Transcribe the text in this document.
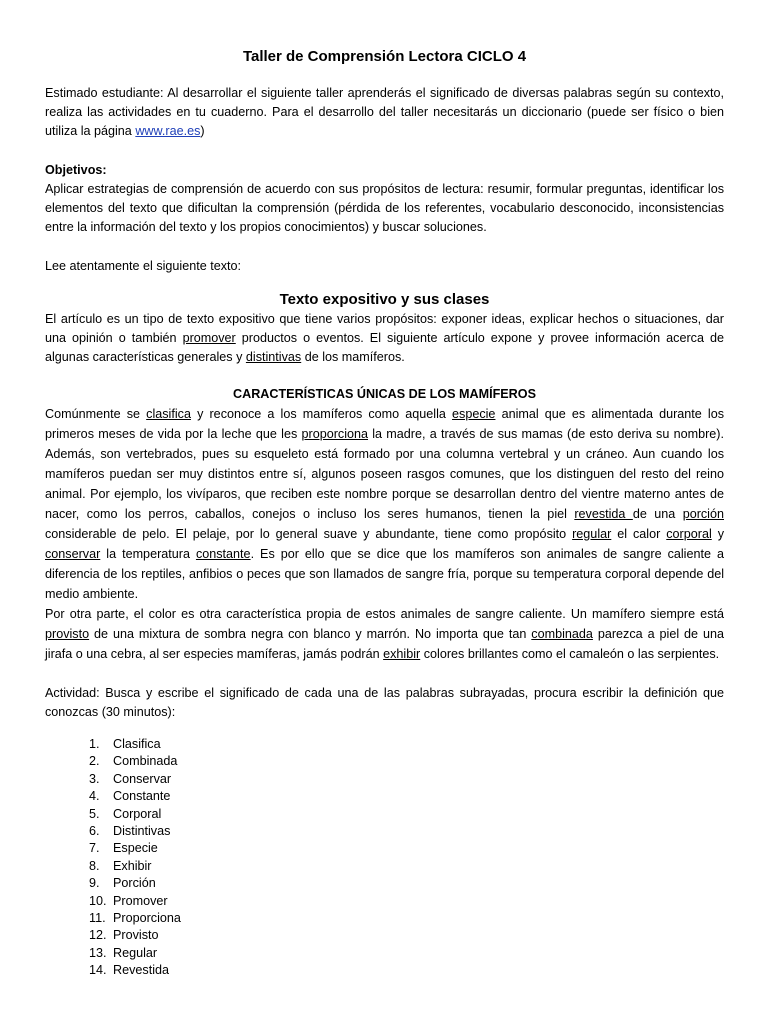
Taller de Comprensión Lectora CICLO 4

Estimado estudiante: Al desarrollar el siguiente taller aprenderás el significado de diversas palabras según su contexto, realiza las actividades en tu cuaderno. Para el desarrollo del taller necesitarás un diccionario (puede ser físico o bien utiliza la página www.rae.es)

Objetivos:

Aplicar estrategias de comprensión de acuerdo con sus propósitos de lectura: resumir, formular preguntas, identificar los elementos del texto que dificultan la comprensión (pérdida de los referentes, vocabulario desconocido, inconsistencias entre la información del texto y los propios conocimientos) y buscar soluciones.

Lee atentamente el siguiente texto:

Texto expositivo y sus clases

El artículo es un tipo de texto expositivo que tiene varios propósitos: exponer ideas, explicar hechos o situaciones, dar una opinión o también promover productos o eventos. El siguiente artículo expone y provee información acerca de algunas características generales y distintivas de los mamíferos.

CARACTERÍSTICAS ÚNICAS DE LOS MAMÍFEROS

Comúnmente se clasifica y reconoce a los mamíferos como aquella especie animal que es alimentada durante los primeros meses de vida por la leche que les proporciona la madre, a través de sus mamas (de esto deriva su nombre). Además, son vertebrados, pues su esqueleto está formado por una columna vertebral y un cráneo. Aun cuando los mamíferos puedan ser muy distintos entre sí, algunos poseen rasgos comunes, que los distinguen del resto del reino animal. Por ejemplo, los vivíparos, que reciben este nombre porque se desarrollan dentro del vientre materno antes de nacer, como los perros, caballos, conejos o incluso los seres humanos, tienen la piel revestida de una porción considerable de pelo. El pelaje, por lo general suave y abundante, tiene como propósito regular el calor corporal y conservar la temperatura constante. Es por ello que se dice que los mamíferos son animales de sangre caliente a diferencia de los reptiles, anfibios o peces que son llamados de sangre fría, porque su temperatura corporal depende del medio ambiente.

Por otra parte, el color es otra característica propia de estos animales de sangre caliente. Un mamífero siempre está provisto de una mixtura de sombra negra con blanco y marrón. No importa que tan combinada parezca a piel de una jirafa o una cebra, al ser especies mamíferas, jamás podrán exhibir colores brillantes como el camaleón o las serpientes.

Actividad: Busca y escribe el significado de cada una de las palabras subrayadas, procura escribir la definición que conozcas (30 minutos):

1.	Clasifica
2.	Combinada
3.	Conservar
4.	Constante
5.	Corporal
6.	Distintivas
7.	Especie
8.	Exhibir
9.	Porción
10. Promover
11. Proporciona
12. Provisto
13. Regular
14. Revestida
